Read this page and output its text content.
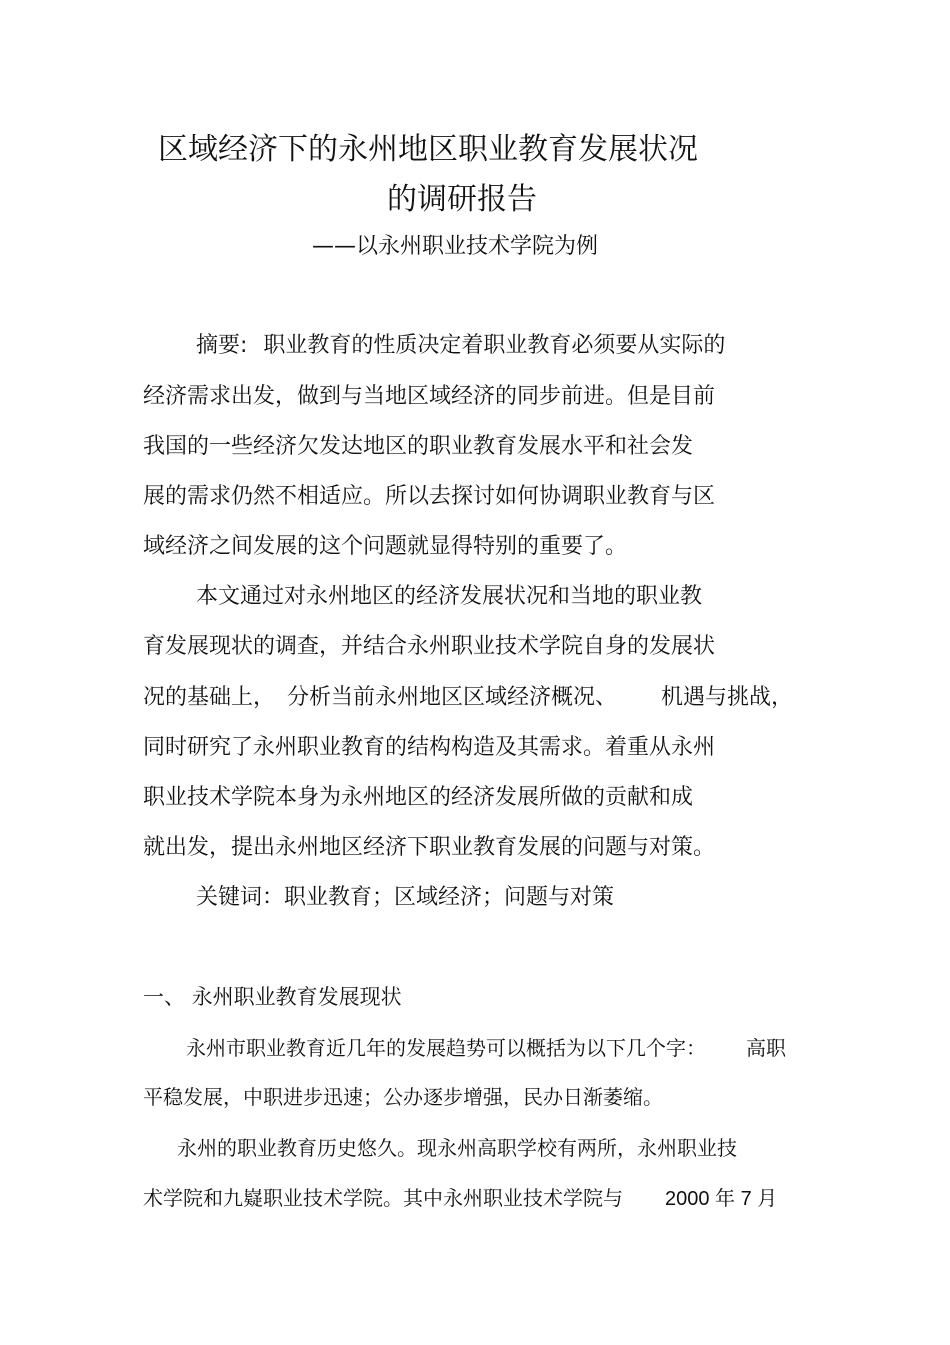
区域经济下的永州地区职业教育发展状况
的调研报告
——以永州职业技术学院为例
摘要: 职业教育的性质决定着职业教育必须要从实际的
经济需求出发，做到与当地区域经济的同步前进。但是目前
我国的一些经济欠发达地区的职业教育发展水平和社会发
展的需求仍然不相适应。所以去探讨如何协调职业教育与区
域经济之间发展的这个问题就显得特别的重要了。
本文通过对永州地区的经济发展状况和当地的职业教
育发展现状的调查，并结合永州职业技术学院自身的发展状
况的基础上， 分析当前永州地区区域经济概况、 机遇与挑战，
同时研究了永州职业教育的结构构造及其需求。着重从永州
职业技术学院本身为永州地区的经济发展所做的贡献和成
就出发，提出永州地区经济下职业教育发展的问题与对策。
关键词：职业教育；区域经济；问题与对策
一、 永州职业教育发展现状
永州市职业教育近几年的发展趋势可以概括为以下几个字： 高职
平稳发展，中职进步迅速；公办逐步增强，民办日渐萎缩。
永州的职业教育历史悠久。现永州高职学校有两所，永州职业技
术学院和九嶷职业技术学院。其中永州职业技术学院与 2000 年 7 月
